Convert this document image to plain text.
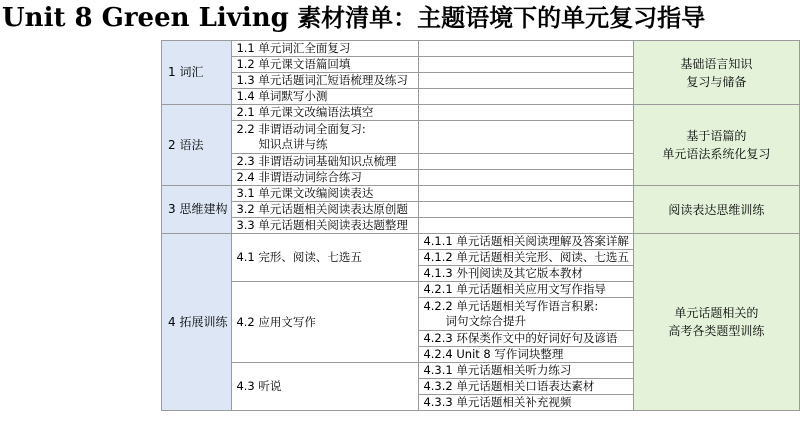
Unit 8 Green Living 素材清单：主题语境下的单元复习指导
1 词汇	1.1 单元词汇全面复习		基础语言知识
复习与储备
	1.2 单元课文语篇回填		
	1.3 单元话题词汇短语梳理及练习		
	1.4 单词默写小测		
2 语法	2.1 单元课文改编语法填空		基于语篇的
单元语法系统化复习
	2.2 非谓语动词全面复习:
知识点讲与练		

	2.3 非谓语动词基础知识点梳理		
	2.4 非谓语动词综合练习		
3 思维建构	3.1 单元课文改编阅读表达		阅读表达思维训练
	3.2 单元话题相关阅读表达原创题		
	3.3 单元话题相关阅读表达题整理		
4 拓展训练	4.1 完形、阅读、七选五	4.1.1 单元话题相关阅读理解及答案详解	单元话题相关的
高考各类题型训练
		4.1.2 单元话题相关完形、阅读、七选五	
		4.1.3 外刊阅读及其它版本教材	
	4.2 应用文写作	4.2.1 单元话题相关应用文写作指导	
		4.2.2 单元话题相关写作语言积累:
词句文综合提升	

		4.2.3 环保类作文中的好词好句及谚语	
		4.2.4 Unit 8 写作词块整理	
	4.3 听说	4.3.1 单元话题相关听力练习	
		4.3.2 单元话题相关口语表达素材	
		4.3.3 单元话题相关补充视频	
